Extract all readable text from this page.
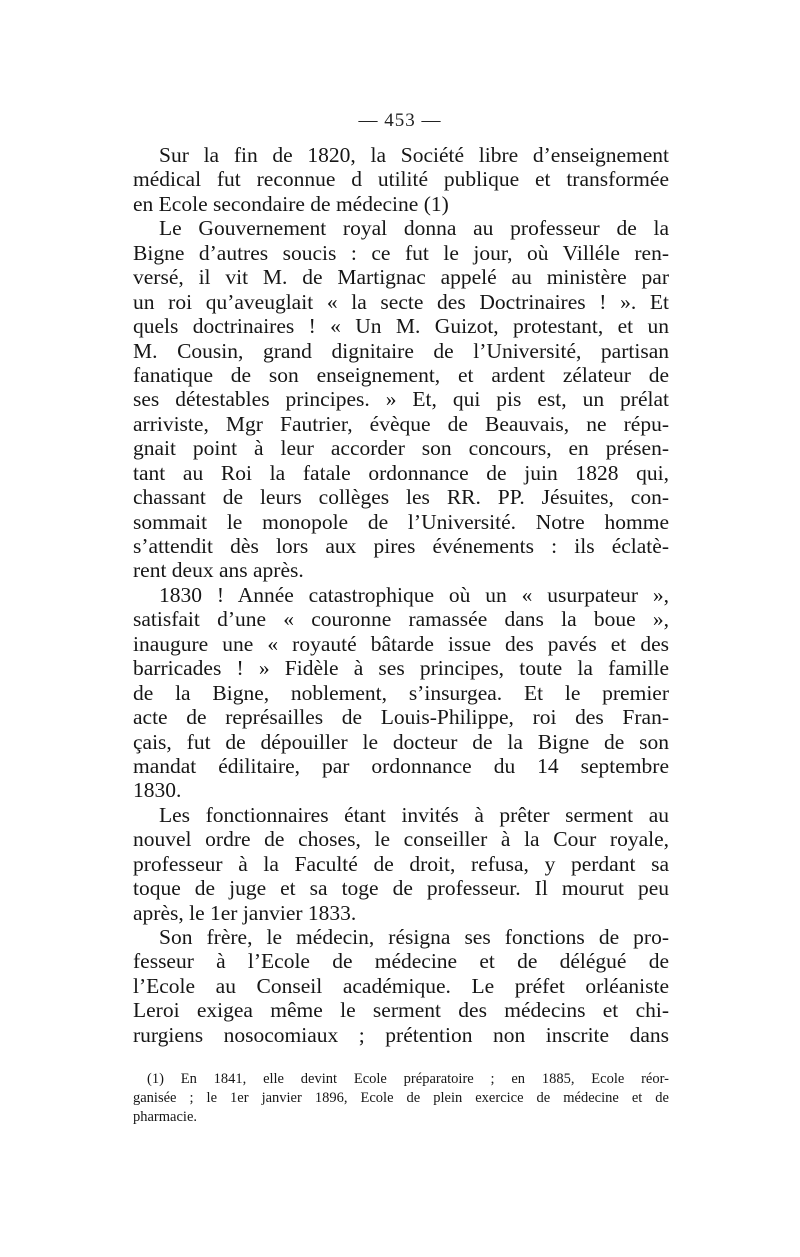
— 453 —
Sur la fin de 1820, la Société libre d’enseignement
médical fut reconnue d utilité publique et transformée
en Ecole secondaire de médecine (1)
Le Gouvernement royal donna au professeur de la
Bigne d’autres soucis : ce fut le jour, où Villéle ren-
versé, il vit M. de Martignac appelé au ministère par
un roi qu’aveuglait « la secte des Doctrinaires ! ». Et
quels doctrinaires ! « Un M. Guizot, protestant, et un
M. Cousin, grand dignitaire de l’Université, partisan
fanatique de son enseignement, et ardent zélateur de
ses détestables principes. » Et, qui pis est, un prélat
arriviste, Mgr Fautrier, évèque de Beauvais, ne répu-
gnait point à leur accorder son concours, en présen-
tant au Roi la fatale ordonnance de juin 1828 qui,
chassant de leurs collèges les RR. PP. Jésuites, con-
sommait le monopole de l’Université. Notre homme
s’attendit dès lors aux pires événements : ils éclatè-
rent deux ans après.
1830 ! Année catastrophique où un « usurpateur »,
satisfait d’une « couronne ramassée dans la boue »,
inaugure une « royauté bâtarde issue des pavés et des
barricades ! » Fidèle à ses principes, toute la famille
de la Bigne, noblement, s’insurgea. Et le premier
acte de représailles de Louis-Philippe, roi des Fran-
çais, fut de dépouiller le docteur de la Bigne de son
mandat édilitaire, par ordonnance du 14 septembre
1830.
Les fonctionnaires étant invités à prêter serment au
nouvel ordre de choses, le conseiller à la Cour royale,
professeur à la Faculté de droit, refusa, y perdant sa
toque de juge et sa toge de professeur. Il mourut peu
après, le 1er janvier 1833.
Son frère, le médecin, résigna ses fonctions de pro-
fesseur à l’Ecole de médecine et de délégué de
l’Ecole au Conseil académique. Le préfet orléaniste
Leroi exigea même le serment des médecins et chi-
rurgiens nosocomiaux ; prétention non inscrite dans
(1) En 1841, elle devint Ecole préparatoire ; en 1885, Ecole réor-
ganisée ; le 1er janvier 1896, Ecole de plein exercice de médecine et de
pharmacie.
